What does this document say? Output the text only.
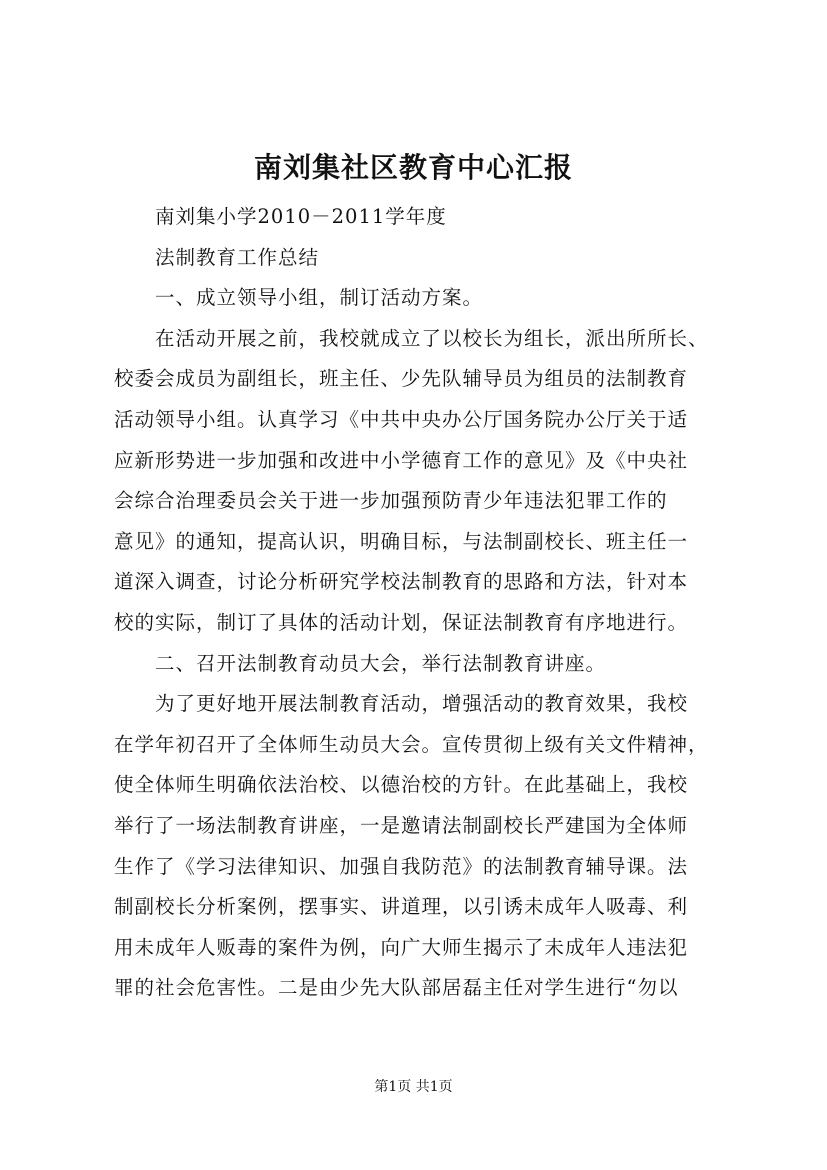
南刘集社区教育中心汇报
南刘集小学2010－2011学年度
法制教育工作总结
一、成立领导小组，制订活动方案。
在活动开展之前，我校就成立了以校长为组长，派出所所长、
校委会成员为副组长，班主任、少先队辅导员为组员的法制教育
活动领导小组。认真学习《中共中央办公厅国务院办公厅关于适
应新形势进一步加强和改进中小学德育工作的意见》及《中央社
会综合治理委员会关于进一步加强预防青少年违法犯罪工作的
意见》的通知，提高认识，明确目标，与法制副校长、班主任一
道深入调查，讨论分析研究学校法制教育的思路和方法，针对本
校的实际，制订了具体的活动计划，保证法制教育有序地进行。
二、召开法制教育动员大会，举行法制教育讲座。
为了更好地开展法制教育活动，增强活动的教育效果，我校
在学年初召开了全体师生动员大会。宣传贯彻上级有关文件精神，
使全体师生明确依法治校、以德治校的方针。在此基础上，我校
举行了一场法制教育讲座，一是邀请法制副校长严建国为全体师
生作了《学习法律知识、加强自我防范》的法制教育辅导课。法
制副校长分析案例，摆事实、讲道理，以引诱未成年人吸毒、利
用未成年人贩毒的案件为例，向广大师生揭示了未成年人违法犯
罪的社会危害性。二是由少先大队部居磊主任对学生进行“勿以
第1页 共1页
